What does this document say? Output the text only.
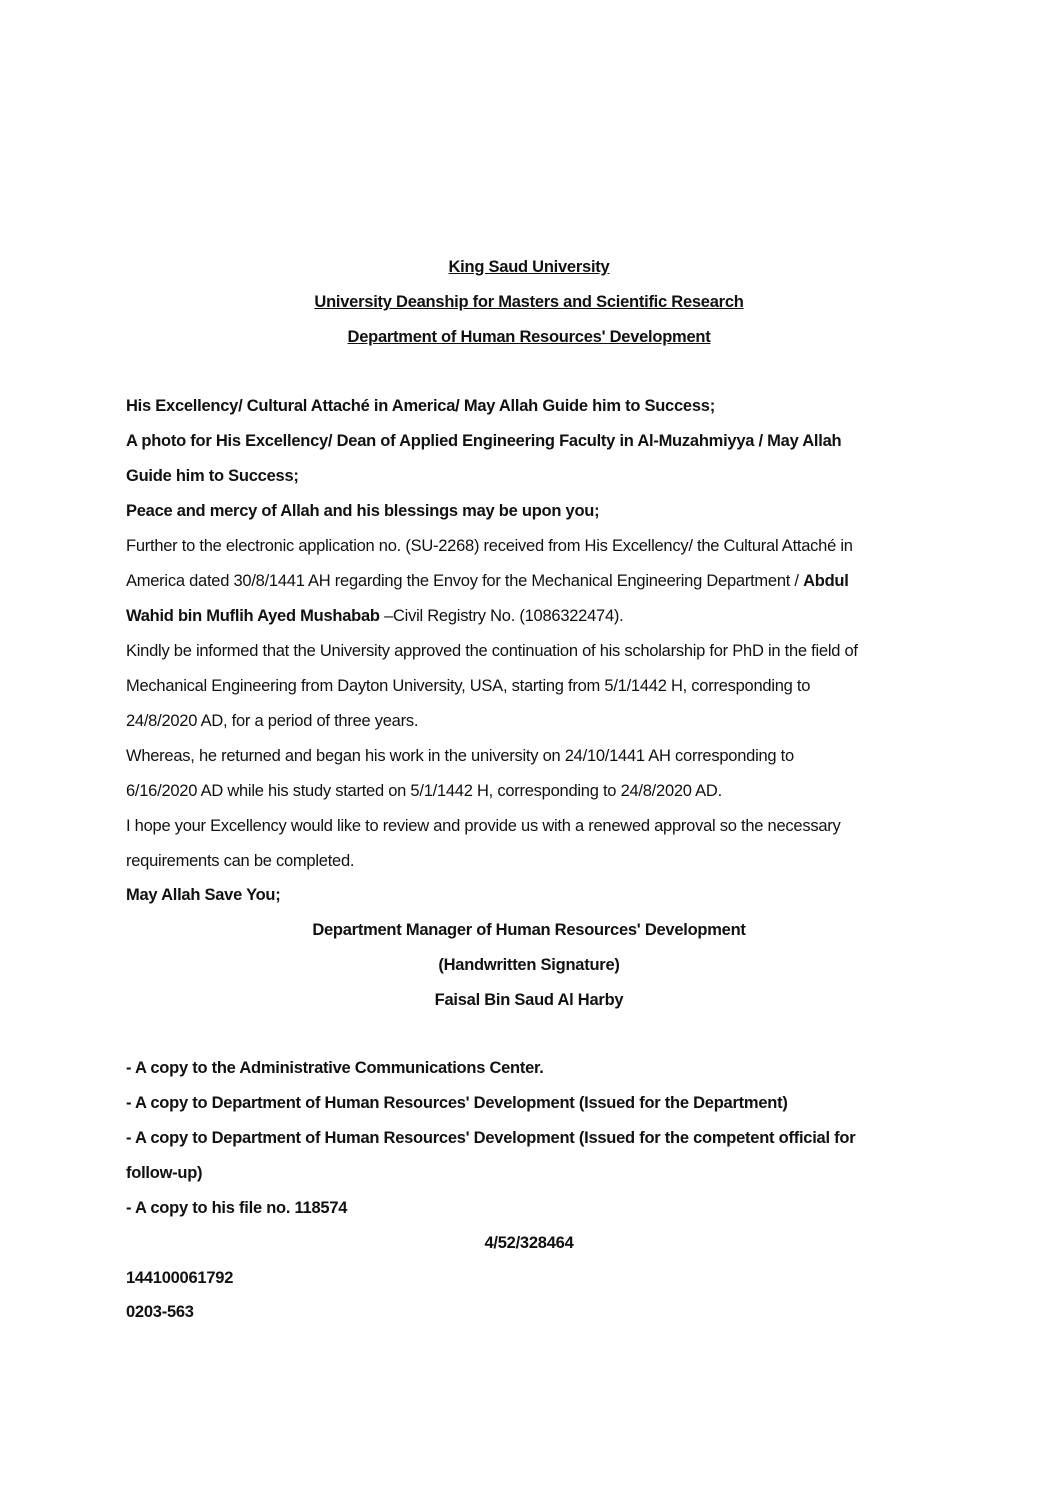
King Saud University
University Deanship for Masters and Scientific Research
Department of Human Resources' Development
His Excellency/ Cultural Attaché in America/ May Allah Guide him to Success;
A photo for His Excellency/ Dean of Applied Engineering Faculty in Al-Muzahmiyya / May Allah
Guide him to Success;
Peace and mercy of Allah and his blessings may be upon you;
Further to the electronic application no. (SU-2268) received from His Excellency/ the Cultural Attaché in
America dated 30/8/1441 AH regarding the Envoy for the Mechanical Engineering Department / Abdul
Wahid bin Muflih Ayed Mushabab –Civil Registry No. (1086322474).
Kindly be informed that the University approved the continuation of his scholarship for PhD in the field of
Mechanical Engineering from Dayton University, USA, starting from 5/1/1442 H, corresponding to
24/8/2020 AD, for a period of three years.
Whereas, he returned and began his work in the university on 24/10/1441 AH corresponding to
6/16/2020 AD while his study started on 5/1/1442 H, corresponding to 24/8/2020 AD.
I hope your Excellency would like to review and provide us with a renewed approval so the necessary
requirements can be completed.
May Allah Save You;
Department Manager of Human Resources' Development
(Handwritten Signature)
Faisal Bin Saud Al Harby
- A copy to the Administrative Communications Center.
- A copy to Department of Human Resources' Development (Issued for the Department)
- A copy to Department of Human Resources' Development (Issued for the competent official for
follow-up)
- A copy to his file no. 118574
4/52/328464
144100061792
0203-563
